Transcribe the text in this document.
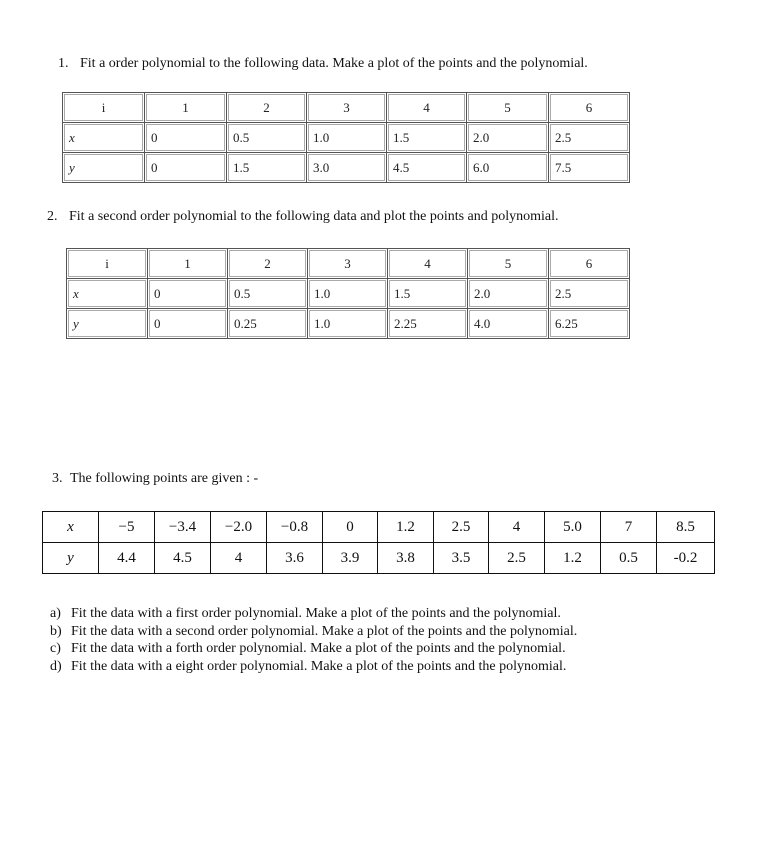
1. Fit a order polynomial to the following data. Make a plot of the points and the polynomial.

i	1	2	3	4	5	6
x	0	0.5	1.0	1.5	2.0	2.5
y	0	1.5	3.0	4.5	6.0	7.5

2. Fit a second order polynomial to the following data and plot the points and polynomial.

i	1	2	3	4	5	6
x	0	0.5	1.0	1.5	2.0	2.5
y	0	0.25	1.0	2.25	4.0	6.25

3. The following points are given : -

x	−5	−3.4	−2.0	−0.8	0	1.2	2.5	4	5.0	7	8.5
y	4.4	4.5	4	3.6	3.9	3.8	3.5	2.5	1.2	0.5	-0.2
a) Fit the data with a first order polynomial. Make a plot of the points and the polynomial.
b) Fit the data with a second order polynomial. Make a plot of the points and the polynomial.
c) Fit the data with a forth order polynomial. Make a plot of the points and the polynomial.
d) Fit the data with a eight order polynomial. Make a plot of the points and the polynomial.
